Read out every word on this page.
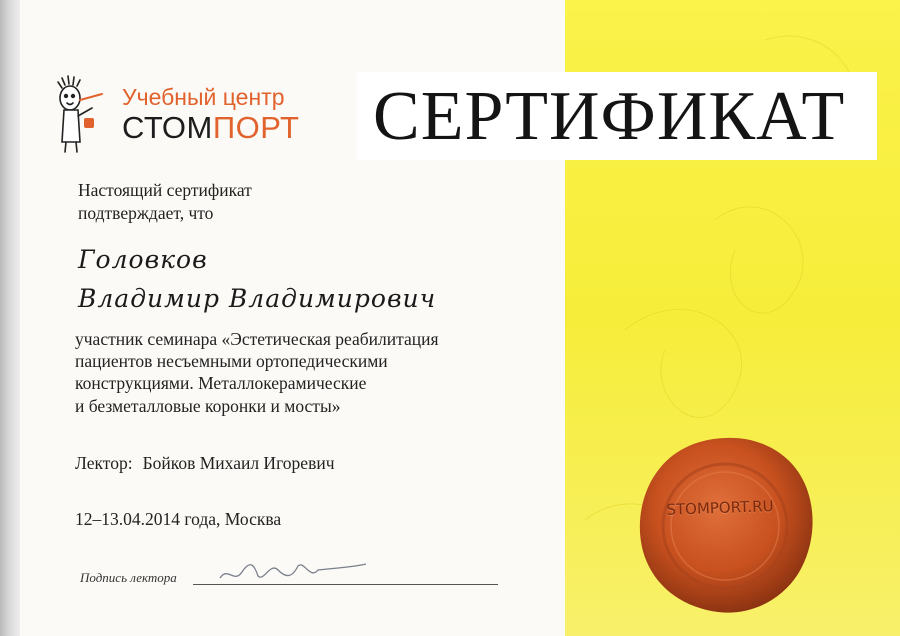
СЕРТИФИКАТ
Учебный центр
СТОМПОРТ
Настоящий сертификат
подтверждает, что
Головков
Владимир Владимирович
участник семинара «Эстетическая реабилитация
пациентов несъемными ортопедическими
конструкциями. Металлокерамические
и безметалловые коронки и мосты»
Лектор: Бойков Михаил Игоревич
12–13.04.2014 года, Москва
Подпись лектора
STOMPORT.RU
